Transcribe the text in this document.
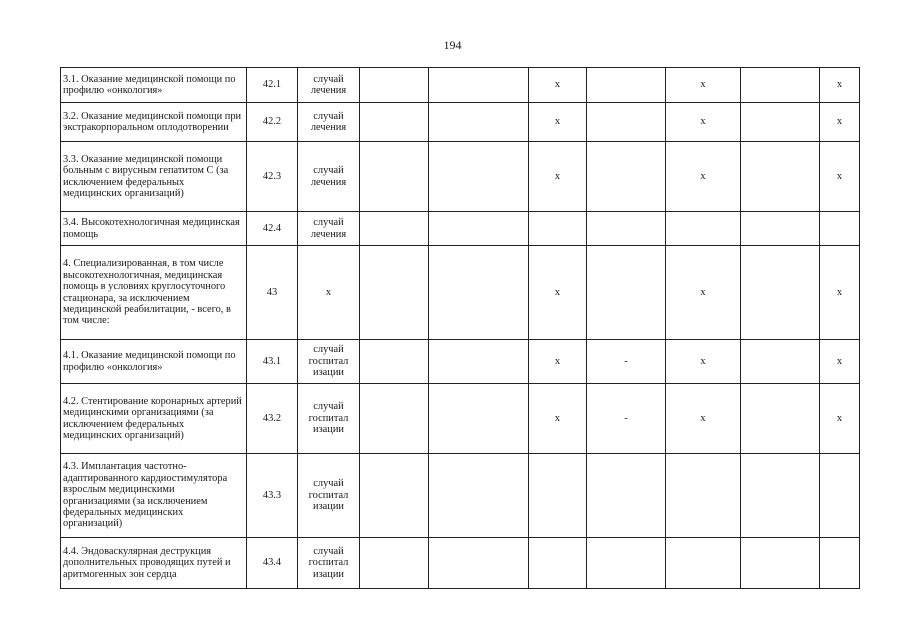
194
3.1. Оказание медицинской помощи по профилю «онкология»	42.1	случай лечения			х		х		х
3.2. Оказание медицинской помощи при экстракорпоральном оплодотворении	42.2	случай лечения			х		х		х
3.3. Оказание медицинской помощи больным с вирусным гепатитом С (за исключением федеральных медицинских организаций)	42.3	случай лечения			х		х		х
3.4. Высокотехнологичная медицинская помощь	42.4	случай лечения							
4. Специализированная, в том числе высокотехнологичная, медицинская помощь в условиях круглосуточного стационара, за исключением медицинской реабилитации, - всего, в том числе:	43	х			х		х		х
4.1. Оказание медицинской помощи по профилю «онкология»	43.1	случай госпитал изации			х	-	х		х
4.2. Стентирование коронарных артерий медицинскими организациями (за исключением федеральных медицинских организаций)	43.2	случай госпитал изации			х	-	х		х
4.3. Имплантация частотно-адаптированного кардиостимулятора взрослым медицинскими организациями (за исключением федеральных медицинских организаций)	43.3	случай госпитал изации							
4.4. Эндоваскулярная деструкция дополнительных проводящих путей и аритмогенных зон сердца	43.4	случай госпитал изации							
